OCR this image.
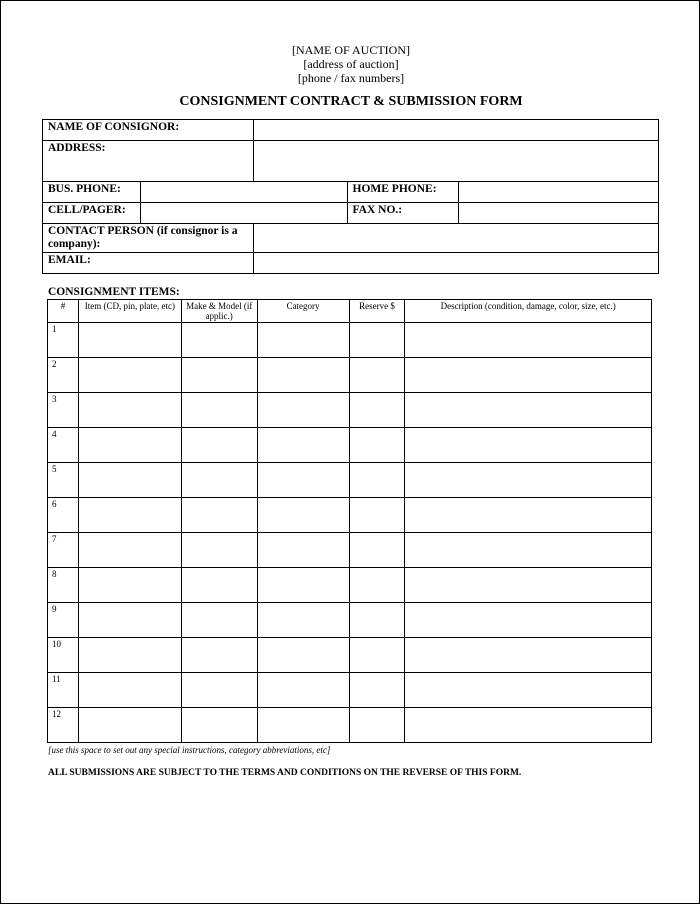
[NAME OF AUCTION]
[address of auction]
[phone / fax numbers]
CONSIGNMENT CONTRACT & SUBMISSION FORM
NAME OF CONSIGNOR:				
ADDRESS:				
BUS. PHONE:			HOME PHONE:	
CELL/PAGER:			FAX NO.:	
CONTACT PERSON (if consignor is a company):				
EMAIL:				
CONSIGNMENT ITEMS:
#	Item (CD, pin, plate, etc)	Make & Model (if applic.)	Category	Reserve $	Description (condition, damage, color, size, etc.)
1					
2					
3					
4					
5					
6					
7					
8					
9					
10					
11					
12					
[use this space to set out any special instructions, category abbreviations, etc]
ALL SUBMISSIONS ARE SUBJECT TO THE TERMS AND CONDITIONS ON THE REVERSE OF THIS FORM.
